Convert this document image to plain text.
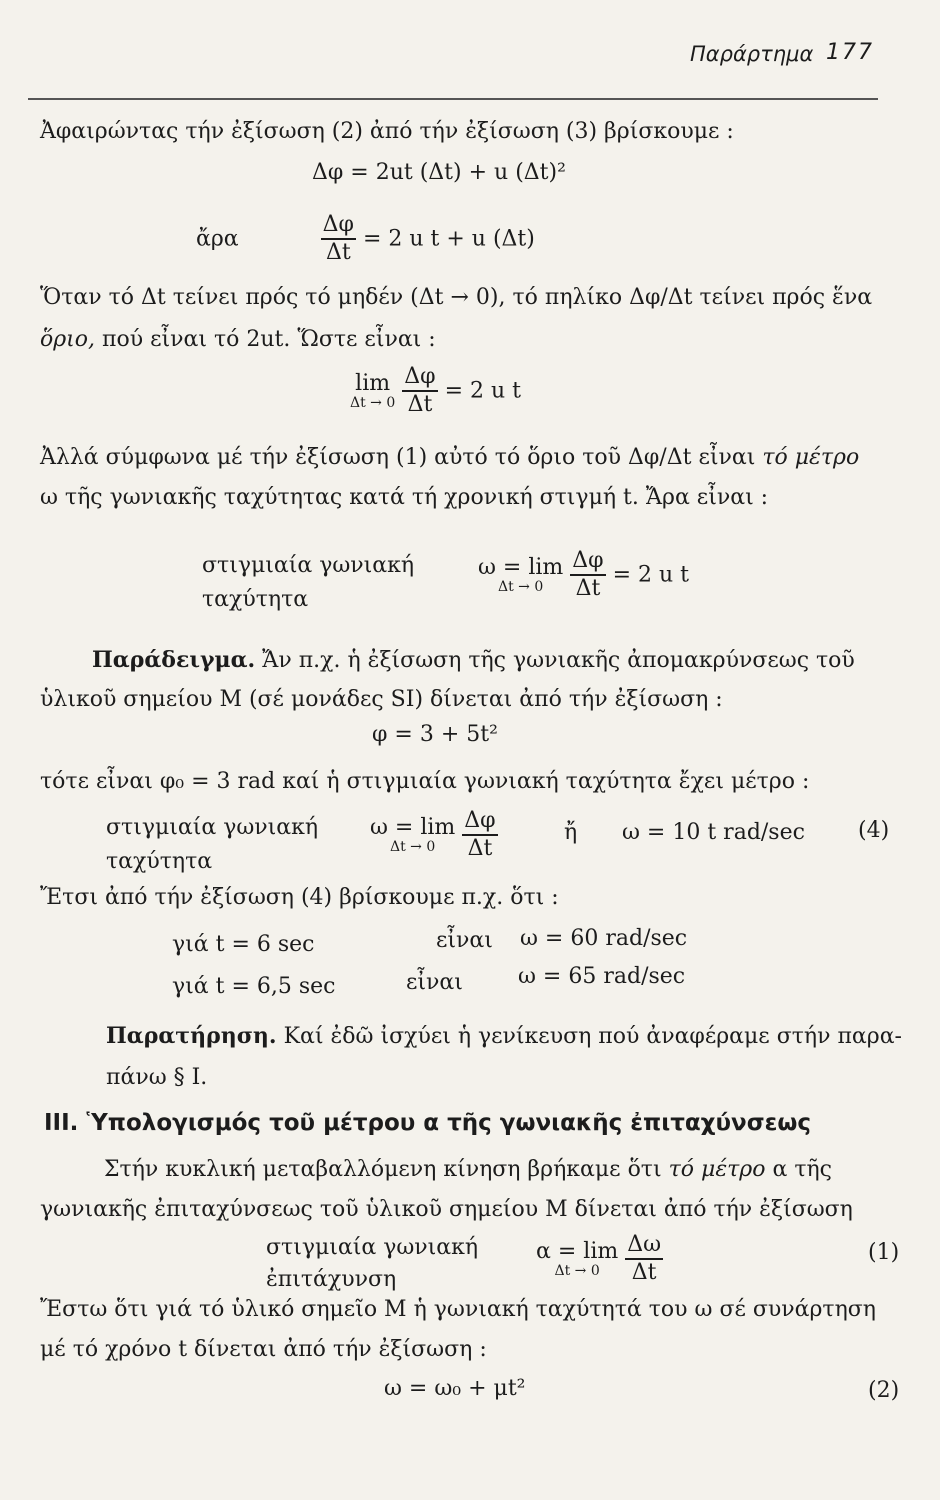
Παράρτημα 177
Ἀφαιρώντας τήν ἐξίσωση (2) ἀπό τήν ἐξίσωση (3) βρίσκουμε :
Δφ = 2ut (Δt) + u (Δt)²
ἄρα	$\frac{\Delta\varphi}{\Delta t} = 2$ u t + u (Δt)
Ὅταν τό Δt τείνει πρός τό μηδέν (Δt → 0), τό πηλίκο Δφ/Δt τείνει πρός ἕνα
ὅριο, πού εἶναι τό 2ut. Ὥστε εἶναι :
lim
Δt → 0
$\frac{\Delta\varphi}{\Delta t} = 2$ u t
Ἀλλά σύμφωνα μέ τήν ἐξίσωση (1) αὐτό τό ὅριο τοῦ Δφ/Δt εἶναι τό μέτρο
ω τῆς γωνιακῆς ταχύτητας κατά τή χρονική στιγμή t. Ἄρα εἶναι :
στιγμιαία γωνιακή
ταχύτητα
ω = lim
Δt → 0
$\frac{\Delta\varphi}{\Delta t} = 2$ u t
Παράδειγμα. Ἄν π.χ. ἡ ἐξίσωση τῆς γωνιακῆς ἀπομακρύνσεως τοῦ
ὑλικοῦ σημείου Μ (σέ μονάδες SI) δίνεται ἀπό τήν ἐξίσωση :
φ = 3 + 5t²
τότε εἶναι φ₀ = 3 rad καί ἡ στιγμιαία γωνιακή ταχύτητα ἔχει μέτρο :
στιγμιαία γωνιακή
ταχύτητα
ω = lim
Δt → 0
$\frac{\Delta\varphi}{\Delta t}$	ἤ ω = 10 t rad/sec (4)
Ἔτσι ἀπό τήν ἐξίσωση (4) βρίσκουμε π.χ. ὅτι :
γιά t = 6 sec	εἶναι ω = 60 rad/sec
γιά t = 6,5 sec	εἶναι	ω = 65 rad/sec
Παρατήρηση. Καί ἐδῶ ἰσχύει ἡ γενίκευση πού ἀναφέραμε στήν παρα-
πάνω § Ι.
ΙΙΙ. Ὑπολογισμός τοῦ μέτρου α τῆς γωνιακῆς ἐπιταχύνσεως
Στήν κυκλική μεταβαλλόμενη κίνηση βρήκαμε ὅτι τό μέτρο α τῆς
γωνιακῆς ἐπιταχύνσεως τοῦ ὑλικοῦ σημείου Μ δίνεται ἀπό τήν ἐξίσωση
στιγμιαία γωνιακή
ἐπιτάχυνση
α = lim
Δt → 0
$\frac{\Delta\omega}{\Delta t}$	(1)
Ἔστω ὅτι γιά τό ὑλικό σημεῖο Μ ἡ γωνιακή ταχύτητά του ω σέ συνάρτηση
μέ τό χρόνο t δίνεται ἀπό τήν ἐξίσωση :
ω = ω₀ + μt²	(2)
